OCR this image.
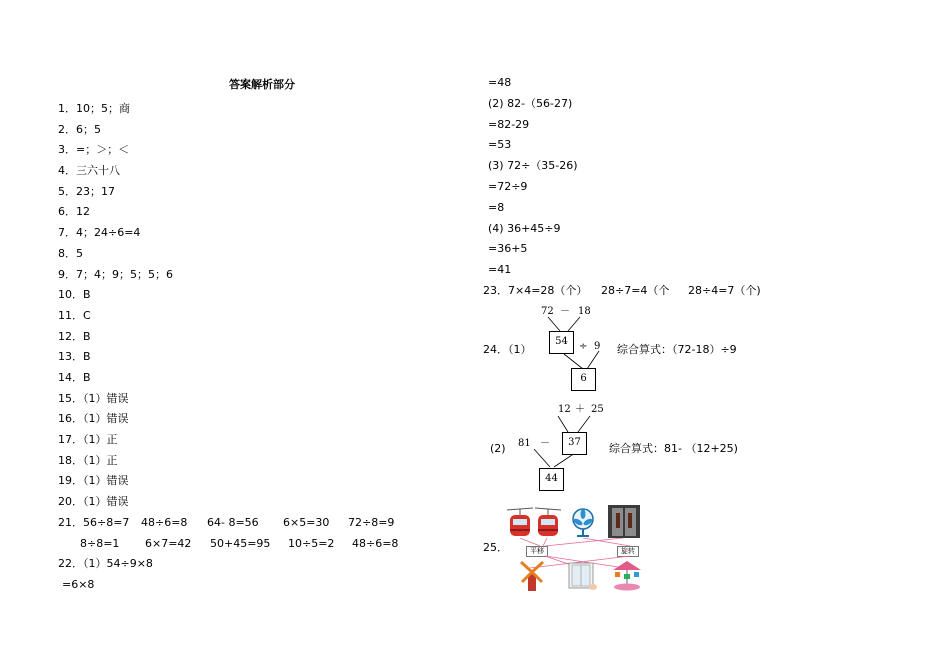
答案解析部分
1．10；5；商
2．6；5
3．=；＞；＜
4．三六十八
5．23；17
6．12
7．4；24÷6=4
8．5
9．7；4；9；5；5；6
10．B
11．C
12．B
13．B
14．B
15．（1）错误
16．（1）错误
17．（1）正
18．（1）正
19．（1）错误
20．（1）错误
21．56÷8=7 48÷6=8 64- 8=56 6×5=30 72÷8=9
8÷8=1 6×7=42 50+45=95 10÷5=2 48÷6=8
22．（1）54÷9×8
=6×8
=48
(2) 82-（56-27)
=82-29
=53
(3) 72÷（35-26)
=72÷9
=8
(4) 36+45÷9
=36+5
=41
23． 7×4=28（个） 28÷7=4（个 28÷4=7（个)
24．（1）
72 － 18
54	÷ 9
6
综合算式：（72-18）÷9
(2)
12 ＋ 25
81 －	37
44
综合算式：81- （12+25)
25．	平移	旋转
